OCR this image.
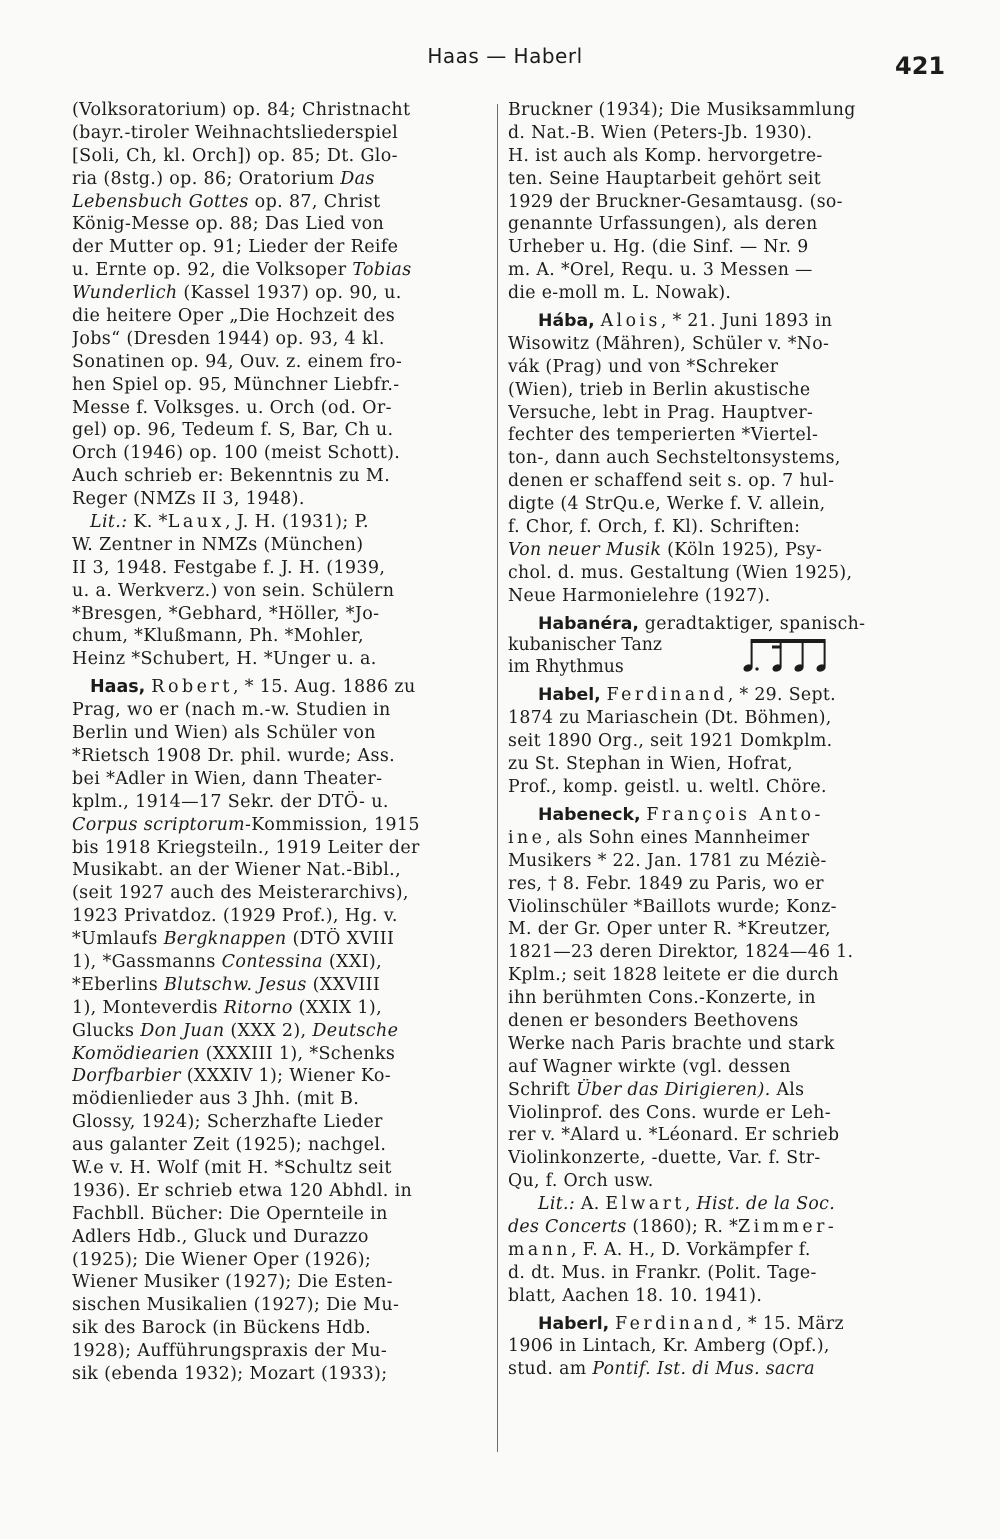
Haas — Haberl	421
(Volksoratorium) op. 84; Christnacht
(bayr.-tiroler Weihnachtsliederspiel
[Soli, Ch, kl. Orch]) op. 85; Dt. Glo-
ria (8stg.) op. 86; Oratorium Das
Lebensbuch Gottes op. 87, Christ
König-Messe op. 88; Das Lied von
der Mutter op. 91; Lieder der Reife
u. Ernte op. 92, die Volksoper Tobias
Wunderlich (Kassel 1937) op. 90, u.
die heitere Oper „Die Hochzeit des
Jobs“ (Dresden 1944) op. 93, 4 kl.
Sonatinen op. 94, Ouv. z. einem fro-
hen Spiel op. 95, Münchner Liebfr.-
Messe f. Volksges. u. Orch (od. Or-
gel) op. 96, Tedeum f. S, Bar, Ch u.
Orch (1946) op. 100 (meist Schott).
Auch schrieb er: Bekenntnis zu M.
Reger (NMZs II 3, 1948).
Lit.: K. *Laux, J. H. (1931); P.
W. Zentner in NMZs (München)
II 3, 1948. Festgabe f. J. H. (1939,
u. a. Werkverz.) von sein. Schülern
*Bresgen, *Gebhard, *Höller, *Jo-
chum, *Klußmann, Ph. *Mohler,
Heinz *Schubert, H. *Unger u. a.
Haas, Robert, * 15. Aug. 1886 zu
Prag, wo er (nach m.-w. Studien in
Berlin und Wien) als Schüler von
*Rietsch 1908 Dr. phil. wurde; Ass.
bei *Adler in Wien, dann Theater-
kplm., 1914—17 Sekr. der DTÖ- u.
Corpus scriptorum-Kommission, 1915
bis 1918 Kriegsteiln., 1919 Leiter der
Musikabt. an der Wiener Nat.-Bibl.,
(seit 1927 auch des Meisterarchivs),
1923 Privatdoz. (1929 Prof.), Hg. v.
*Umlaufs Bergknappen (DTÖ XVIII
1), *Gassmanns Contessina (XXI),
*Eberlins Blutschw. Jesus (XXVIII
1), Monteverdis Ritorno (XXIX 1),
Glucks Don Juan (XXX 2), Deutsche
Komödiearien (XXXIII 1), *Schenks
Dorfbarbier (XXXIV 1); Wiener Ko-
mödienlieder aus 3 Jhh. (mit B.
Glossy, 1924); Scherzhafte Lieder
aus galanter Zeit (1925); nachgel.
W.e v. H. Wolf (mit H. *Schultz seit
1936). Er schrieb etwa 120 Abhdl. in
Fachbll. Bücher: Die Opernteile in
Adlers Hdb., Gluck und Durazzo
(1925); Die Wiener Oper (1926);
Wiener Musiker (1927); Die Esten-
sischen Musikalien (1927); Die Mu-
sik des Barock (in Bückens Hdb.
1928); Aufführungspraxis der Mu-
sik (ebenda 1932); Mozart (1933);
Bruckner (1934); Die Musiksammlung
d. Nat.-B. Wien (Peters-Jb. 1930).
H. ist auch als Komp. hervorgetre-
ten. Seine Hauptarbeit gehört seit
1929 der Bruckner-Gesamtausg. (so-
genannte Urfassungen), als deren
Urheber u. Hg. (die Sinf. — Nr. 9
m. A. *Orel, Requ. u. 3 Messen —
die e-moll m. L. Nowak).
Hába, Alois, * 21. Juni 1893 in
Wisowitz (Mähren), Schüler v. *No-
vák (Prag) und von *Schreker
(Wien), trieb in Berlin akustische
Versuche, lebt in Prag. Hauptver-
fechter des temperierten *Viertel-
ton-, dann auch Sechsteltonsystems,
denen er schaffend seit s. op. 7 hul-
digte (4 StrQu.e, Werke f. V. allein,
f. Chor, f. Orch, f. Kl). Schriften:
Von neuer Musik (Köln 1925), Psy-
chol. d. mus. Gestaltung (Wien 1925),
Neue Harmonielehre (1927).
Habanéra, geradtaktiger, spanisch-
kubanischer Tanz
im Rhythmus
Habel, Ferdinand, * 29. Sept.
1874 zu Mariaschein (Dt. Böhmen),
seit 1890 Org., seit 1921 Domkplm.
zu St. Stephan in Wien, Hofrat,
Prof., komp. geistl. u. weltl. Chöre.
Habeneck, François Anto-
ine, als Sohn eines Mannheimer
Musikers * 22. Jan. 1781 zu Méziè-
res, † 8. Febr. 1849 zu Paris, wo er
Violinschüler *Baillots wurde; Konz-
M. der Gr. Oper unter R. *Kreutzer,
1821—23 deren Direktor, 1824—46 1.
Kplm.; seit 1828 leitete er die durch
ihn berühmten Cons.-Konzerte, in
denen er besonders Beethovens
Werke nach Paris brachte und stark
auf Wagner wirkte (vgl. dessen
Schrift Über das Dirigieren). Als
Violinprof. des Cons. wurde er Leh-
rer v. *Alard u. *Léonard. Er schrieb
Violinkonzerte, -duette, Var. f. Str-
Qu, f. Orch usw.
Lit.: A. Elwart, Hist. de la Soc.
des Concerts (1860); R. *Zimmer-
mann, F. A. H., D. Vorkämpfer f.
d. dt. Mus. in Frankr. (Polit. Tage-
blatt, Aachen 18. 10. 1941).
Haberl, Ferdinand, * 15. März
1906 in Lintach, Kr. Amberg (Opf.),
stud. am Pontif. Ist. di Mus. sacra
